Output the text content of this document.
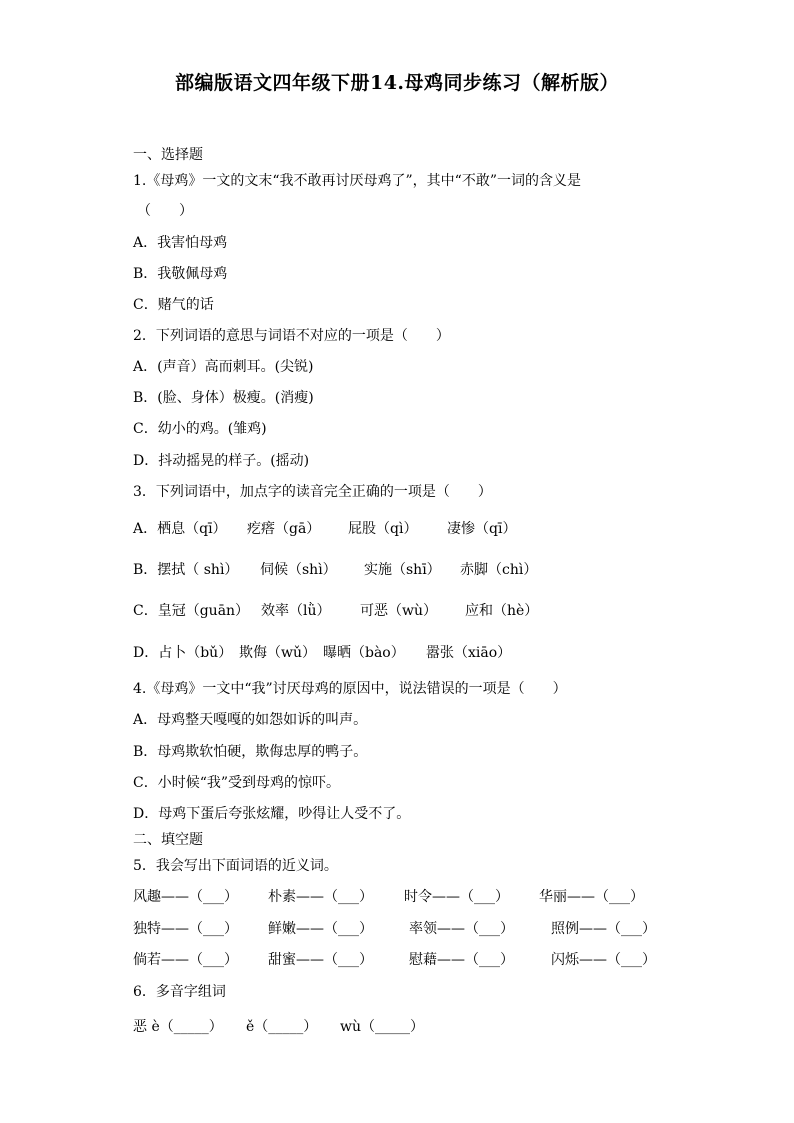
部编版语文四年级下册14.母鸡同步练习（解析版）
一、选择题
1.《母鸡》一文的文末“我不敢再讨厌母鸡了”，其中“不敢”一词的含义是
（　　）
A．我害怕母鸡
B．我敬佩母鸡
C．赌气的话
2．下列词语的意思与词语不对应的一项是（　　）
A．(声音）高而刺耳。(尖锐)
B．(脸、身体）极瘦。(消瘦)
C．幼小的鸡。(雏鸡)
D．抖动摇晃的样子。(摇动)
3．下列词语中，加点字的读音完全正确的一项是（　　）
A．栖息（qī） 疙瘩（gā） 屁股（qì） 凄惨（qī）
B．摆拭（ shì） 伺候（shì） 实施（shī） 赤脚（chì）
C．皇冠（guān） 效率（lǜ） 可恶（wù） 应和（hè）
D．占卜（bǔ） 欺侮（wǔ） 曝晒（bào） 嚣张（xiāo）
4.《母鸡》一文中“我”讨厌母鸡的原因中，说法错误的一项是（　　）
A．母鸡整天嘎嘎的如怨如诉的叫声。
B．母鸡欺软怕硬，欺侮忠厚的鸭子。
C．小时候“我”受到母鸡的惊吓。
D．母鸡下蛋后夸张炫耀，吵得让人受不了。
二、填空题
5．我会写出下面词语的近义词。
风趣——（___） 朴素——（___） 时令——（___） 华丽——（___）
独特——（___） 鲜嫩——（___）	率领——（___）	照例——（___）
倘若——（___） 甜蜜——（___）	慰藉——（___）	闪烁——（___）
6．多音字组词
恶 è（_____） ě（_____） wù（_____）
